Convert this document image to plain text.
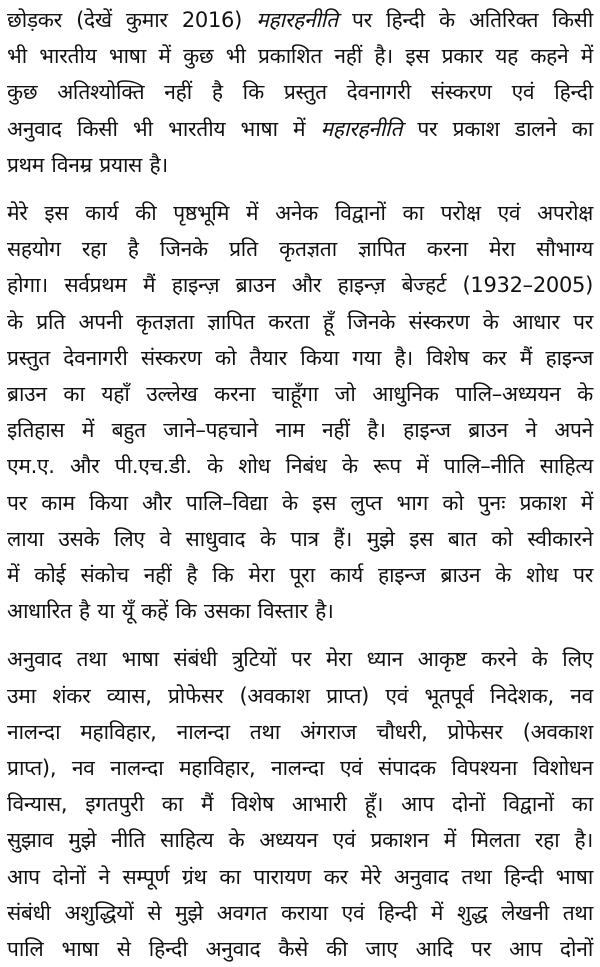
छोड़कर (देखें कुमार 2016) महारहनीति पर हिन्दी के अतिरिक्त किसी
भी भारतीय भाषा में कुछ भी प्रकाशित नहीं है। इस प्रकार यह कहने में
कुछ अतिश्योक्ति नहीं है कि प्रस्तुत देवनागरी संस्करण एवं हिन्दी
अनुवाद किसी भी भारतीय भाषा में महारहनीति पर प्रकाश डालने का
प्रथम विनम्र प्रयास है।

मेरे इस कार्य की पृष्ठभूमि में अनेक विद्वानों का परोक्ष एवं अपरोक्ष
सहयोग रहा है जिनके प्रति कृतज्ञता ज्ञापित करना मेरा सौभाग्य
होगा। सर्वप्रथम मैं हाइन्ज़ ब्राउन और हाइन्ज़ बेज्हर्ट (1932–2005)
के प्रति अपनी कृतज्ञता ज्ञापित करता हूँ जिनके संस्करण के आधार पर
प्रस्तुत देवनागरी संस्करण को तैयार किया गया है। विशेष कर मैं हाइन्ज
ब्राउन का यहाँ उल्लेख करना चाहूँगा जो आधुनिक पालि–अध्ययन के
इतिहास में बहुत जाने–पहचाने नाम नहीं है। हाइन्ज ब्राउन ने अपने
एम.ए. और पी.एच.डी. के शोध निबंध के रूप में पालि–नीति साहित्य
पर काम किया और पालि–विद्या के इस लुप्त भाग को पुनः प्रकाश में
लाया उसके लिए वे साधुवाद के पात्र हैं। मुझे इस बात को स्वीकारने
में कोई संकोच नहीं है कि मेरा पूरा कार्य हाइन्ज ब्राउन के शोध पर
आधारित है या यूँ कहें कि उसका विस्तार है।

अनुवाद तथा भाषा संबंधी त्रुटियों पर मेरा ध्यान आकृष्ट करने के लिए
उमा शंकर व्यास, प्रोफेसर (अवकाश प्राप्त) एवं भूतपूर्व निदेशक, नव
नालन्दा महाविहार, नालन्दा तथा अंगराज चौधरी, प्रोफेसर (अवकाश
प्राप्त), नव नालन्दा महाविहार, नालन्दा एवं संपादक विपश्यना विशोधन
विन्यास, इगतपुरी का मैं विशेष आभारी हूँ। आप दोनों विद्वानों का
सुझाव मुझे नीति साहित्य के अध्ययन एवं प्रकाशन में मिलता रहा है।
आप दोनों ने सम्पूर्ण ग्रंथ का पारायण कर मेरे अनुवाद तथा हिन्दी भाषा
संबंधी अशुद्धियों से मुझे अवगत कराया एवं हिन्दी में शुद्ध लेखनी तथा
पालि भाषा से हिन्दी अनुवाद कैसे की जाए आदि पर आप दोनों
